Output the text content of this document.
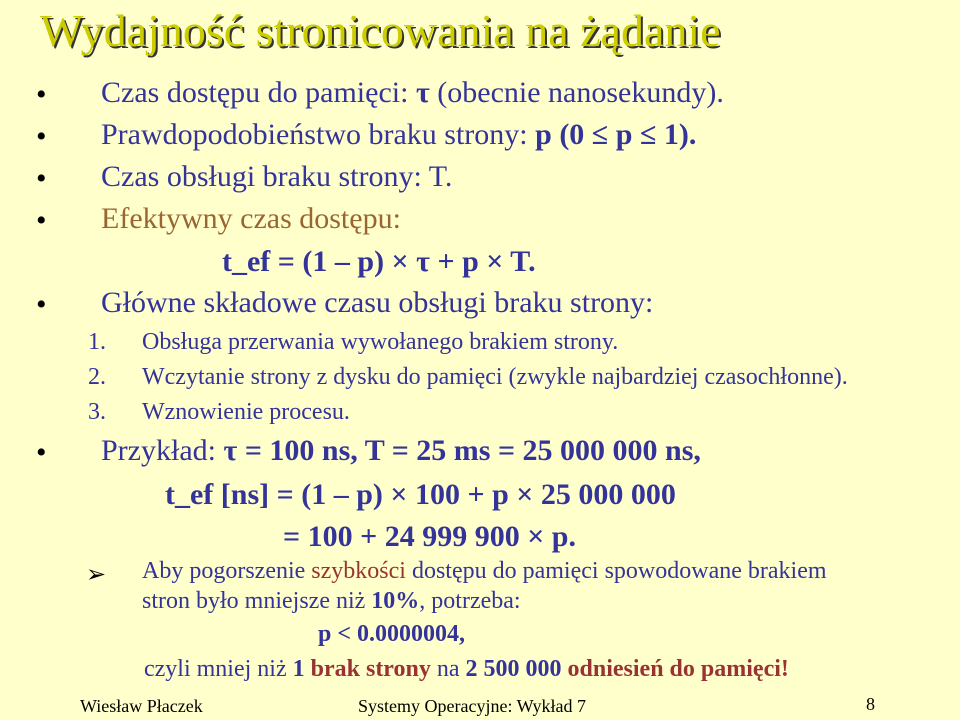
Wydajność stronicowania na żądanie
• Czas dostępu do pamięci: τ (obecnie nanosekundy).
• Prawdopodobieństwo braku strony: p (0 ≤ p ≤ 1).
• Czas obsługi braku strony: T.
• Efektywny czas dostępu:
t_ef = (1 – p) × τ + p × T.
• Główne składowe czasu obsługi braku strony:
1. Obsługa przerwania wywołanego brakiem strony.
2. Wczytanie strony z dysku do pamięci (zwykle najbardziej czasochłonne).
3. Wznowienie procesu.
• Przykład: τ = 100 ns, T = 25 ms = 25 000 000 ns,
t_ef [ns] = (1 – p) × 100 + p × 25 000 000
= 100 + 24 999 900 × p.
➢ Aby pogorszenie szybkości dostępu do pamięci spowodowane brakiem
stron było mniejsze niż 10%, potrzeba:
p < 0.0000004,
czyli mniej niż 1 brak strony na 2 500 000 odniesień do pamięci!
Wiesław Płaczek	Systemy Operacyjne: Wykład 7	8
